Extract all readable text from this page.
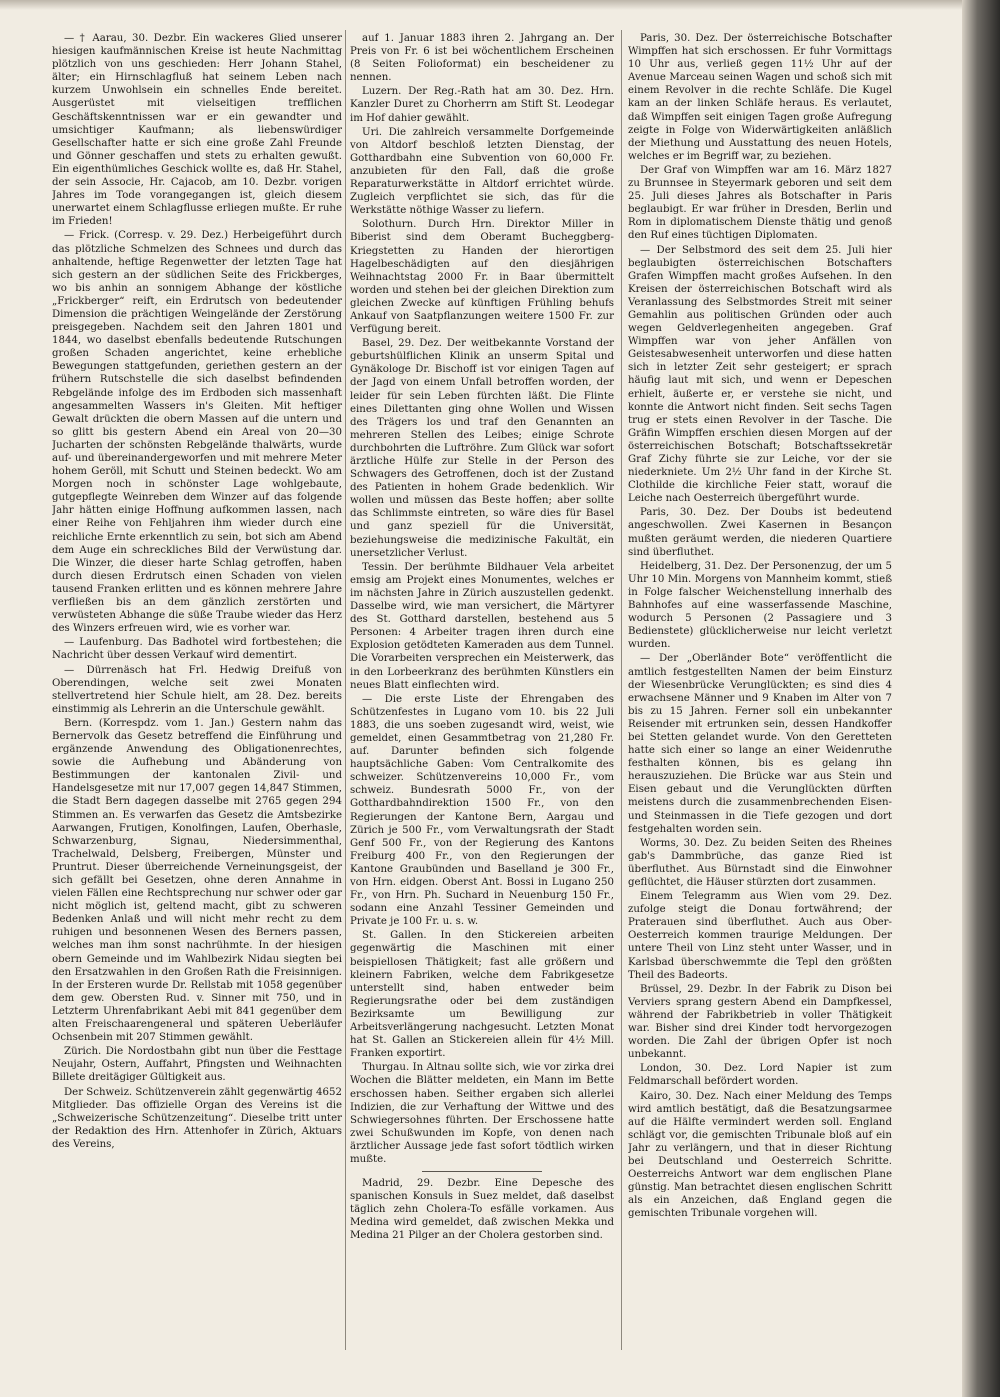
— † Aarau, 30. Dezbr. Ein wackeres Glied unserer hiesigen kaufmännischen Kreise ist heute Nachmittag plötzlich von uns geschieden: Herr Johann Stahel, älter; ein Hirnschlagfluß hat seinem Leben nach kurzem Unwohlsein ein schnelles Ende bereitet. Ausgerüstet mit vielseitigen trefflichen Geschäftskenntnissen war er ein gewandter und umsichtiger Kaufmann; als liebenswürdiger Gesellschafter hatte er sich eine große Zahl Freunde und Gönner geschaffen und stets zu erhalten gewußt. Ein eigenthümliches Geschick wollte es, daß Hr. Stahel, der sein Associe, Hr. Cajacob, am 10. Dezbr. vorigen Jahres im Tode vorangegangen ist, gleich diesem unerwartet einem Schlagflusse erliegen mußte. Er ruhe im Frieden!

— Frick. (Corresp. v. 29. Dez.) Herbeigeführt durch das plötzliche Schmelzen des Schnees und durch das anhaltende, heftige Regenwetter der letzten Tage hat sich gestern an der südlichen Seite des Frickberges, wo bis anhin an sonnigem Abhange der köstliche „Frickberger“ reift, ein Erdrutsch von bedeutender Dimension die prächtigen Weingelände der Zerstörung preisgegeben. Nachdem seit den Jahren 1801 und 1844, wo daselbst ebenfalls bedeutende Rutschungen großen Schaden angerichtet, keine erhebliche Bewegungen stattgefunden, geriethen gestern an der frühern Rutschstelle die sich daselbst befindenden Rebgelände infolge des im Erdboden sich massenhaft angesammelten Wassers in's Gleiten. Mit heftiger Gewalt drückten die obern Massen auf die untern und so glitt bis gestern Abend ein Areal von 20—30 Jucharten der schönsten Rebgelände thalwärts, wurde auf- und übereinandergeworfen und mit mehrere Meter hohem Geröll, mit Schutt und Steinen bedeckt. Wo am Morgen noch in schönster Lage wohlgebaute, gutgepflegte Weinreben dem Winzer auf das folgende Jahr hätten einige Hoffnung aufkommen lassen, nach einer Reihe von Fehljahren ihm wieder durch eine reichliche Ernte erkenntlich zu sein, bot sich am Abend dem Auge ein schreckliches Bild der Verwüstung dar. Die Winzer, die dieser harte Schlag getroffen, haben durch diesen Erdrutsch einen Schaden von vielen tausend Franken erlitten und es können mehrere Jahre verfließen bis an dem gänzlich zerstörten und verwüsteten Abhange die süße Traube wieder das Herz des Winzers erfreuen wird, wie es vorher war.

— Laufenburg. Das Badhotel wird fortbestehen; die Nachricht über dessen Verkauf wird dementirt.

— Dürrenäsch hat Frl. Hedwig Dreifuß von Oberendingen, welche seit zwei Monaten stellvertretend hier Schule hielt, am 28. Dez. bereits einstimmig als Lehrerin an die Unterschule gewählt.

Bern. (Korrespdz. vom 1. Jan.) Gestern nahm das Bernervolk das Gesetz betreffend die Einführung und ergänzende Anwendung des Obligationenrechtes, sowie die Aufhebung und Abänderung von Bestimmungen der kantonalen Zivil- und Handelsgesetze mit nur 17,007 gegen 14,847 Stimmen, die Stadt Bern dagegen dasselbe mit 2765 gegen 294 Stimmen an. Es verwarfen das Gesetz die Amtsbezirke Aarwangen, Frutigen, Konolfingen, Laufen, Oberhasle, Schwarzenburg, Signau, Niedersimmenthal, Trachelwald, Delsberg, Freibergen, Münster und Pruntrut. Dieser überreichende Verneinungsgeist, der sich gefällt bei Gesetzen, ohne deren Annahme in vielen Fällen eine Rechtsprechung nur schwer oder gar nicht möglich ist, geltend macht, gibt zu schweren Bedenken Anlaß und will nicht mehr recht zu dem ruhigen und besonnenen Wesen des Berners passen, welches man ihm sonst nachrühmte. In der hiesigen obern Gemeinde und im Wahlbezirk Nidau siegten bei den Ersatzwahlen in den Großen Rath die Freisinnigen. In der Ersteren wurde Dr. Rellstab mit 1058 gegenüber dem gew. Obersten Rud. v. Sinner mit 750, und in Letzterm Uhrenfabrikant Aebi mit 841 gegenüber dem alten Freischaarengeneral und späteren Ueberläufer Ochsenbein mit 207 Stimmen gewählt.

Zürich. Die Nordostbahn gibt nun über die Festtage Neujahr, Ostern, Auffahrt, Pfingsten und Weihnachten Billete dreitägiger Gültigkeit aus.

Der Schweiz. Schützenverein zählt gegenwärtig 4652 Mitglieder. Das offizielle Organ des Vereins ist die „Schweizerische Schützenzeitung“. Dieselbe tritt unter der Redaktion des Hrn. Attenhofer in Zürich, Aktuars des Vereins,

auf 1. Januar 1883 ihren 2. Jahrgang an. Der Preis von Fr. 6 ist bei wöchentlichem Erscheinen (8 Seiten Folioformat) ein bescheidener zu nennen.

Luzern. Der Reg.-Rath hat am 30. Dez. Hrn. Kanzler Duret zu Chorherrn am Stift St. Leodegar im Hof dahier gewählt.

Uri. Die zahlreich versammelte Dorfgemeinde von Altdorf beschloß letzten Dienstag, der Gotthardbahn eine Subvention von 60,000 Fr. anzubieten für den Fall, daß die große Reparaturwerkstätte in Altdorf errichtet würde. Zugleich verpflichtet sie sich, das für die Werkstätte nöthige Wasser zu liefern.

Solothurn. Durch Hrn. Direktor Miller in Biberist sind dem Oberamt Bucheggberg-Kriegstetten zu Handen der hierortigen Hagelbeschädigten auf den diesjährigen Weihnachtstag 2000 Fr. in Baar übermittelt worden und stehen bei der gleichen Direktion zum gleichen Zwecke auf künftigen Frühling behufs Ankauf von Saatpflanzungen weitere 1500 Fr. zur Verfügung bereit.

Basel, 29. Dez. Der weitbekannte Vorstand der geburtshülflichen Klinik an unserm Spital und Gynäkologe Dr. Bischoff ist vor einigen Tagen auf der Jagd von einem Unfall betroffen worden, der leider für sein Leben fürchten läßt. Die Flinte eines Dilettanten ging ohne Wollen und Wissen des Trägers los und traf den Genannten an mehreren Stellen des Leibes; einige Schrote durchbohrten die Luftröhre. Zum Glück war sofort ärztliche Hülfe zur Stelle in der Person des Schwagers des Getroffenen, doch ist der Zustand des Patienten in hohem Grade bedenklich. Wir wollen und müssen das Beste hoffen; aber sollte das Schlimmste eintreten, so wäre dies für Basel und ganz speziell für die Universität, beziehungsweise die medizinische Fakultät, ein unersetzlicher Verlust.

Tessin. Der berühmte Bildhauer Vela arbeitet emsig am Projekt eines Monumentes, welches er im nächsten Jahre in Zürich auszustellen gedenkt. Dasselbe wird, wie man versichert, die Märtyrer des St. Gotthard darstellen, bestehend aus 5 Personen: 4 Arbeiter tragen ihren durch eine Explosion getödteten Kameraden aus dem Tunnel. Die Vorarbeiten versprechen ein Meisterwerk, das in den Lorbeerkranz des berühmten Künstlers ein neues Blatt einflechten wird.

— Die erste Liste der Ehrengaben des Schützenfestes in Lugano vom 10. bis 22 Juli 1883, die uns soeben zugesandt wird, weist, wie gemeldet, einen Gesammtbetrag von 21,280 Fr. auf. Darunter befinden sich folgende hauptsächliche Gaben: Vom Centralkomite des schweizer. Schützenvereins 10,000 Fr., vom schweiz. Bundesrath 5000 Fr., von der Gotthardbahndirektion 1500 Fr., von den Regierungen der Kantone Bern, Aargau und Zürich je 500 Fr., vom Verwaltungsrath der Stadt Genf 500 Fr., von der Regierung des Kantons Freiburg 400 Fr., von den Regierungen der Kantone Graubünden und Baselland je 300 Fr., von Hrn. eidgen. Oberst Ant. Bossi in Lugano 250 Fr., von Hrn. Ph. Suchard in Neuenburg 150 Fr., sodann eine Anzahl Tessiner Gemeinden und Private je 100 Fr. u. s. w.

St. Gallen. In den Stickereien arbeiten gegenwärtig die Maschinen mit einer beispiellosen Thätigkeit; fast alle größern und kleinern Fabriken, welche dem Fabrikgesetze unterstellt sind, haben entweder beim Regierungsrathe oder bei dem zuständigen Bezirksamte um Bewilligung zur Arbeitsverlängerung nachgesucht. Letzten Monat hat St. Gallen an Stickereien allein für 4½ Mill. Franken exportirt.

Thurgau. In Altnau sollte sich, wie vor zirka drei Wochen die Blätter meldeten, ein Mann im Bette erschossen haben. Seither ergaben sich allerlei Indizien, die zur Verhaftung der Wittwe und des Schwiegersohnes führten. Der Erschossene hatte zwei Schußwunden im Kopfe, von denen nach ärztlicher Aussage jede fast sofort tödtlich wirken mußte.

Madrid, 29. Dezbr. Eine Depesche des spanischen Konsuls in Suez meldet, daß daselbst täglich zehn Cholera-To esfälle vorkamen. Aus Medina wird gemeldet, daß zwischen Mekka und Medina 21 Pilger an der Cholera gestorben sind.

Paris, 30. Dez. Der österreichische Botschafter Wimpffen hat sich erschossen. Er fuhr Vormittags 10 Uhr aus, verließ gegen 11½ Uhr auf der Avenue Marceau seinen Wagen und schoß sich mit einem Revolver in die rechte Schläfe. Die Kugel kam an der linken Schläfe heraus. Es verlautet, daß Wimpffen seit einigen Tagen große Aufregung zeigte in Folge von Widerwärtigkeiten anläßlich der Miethung und Ausstattung des neuen Hotels, welches er im Begriff war, zu beziehen.

Der Graf von Wimpffen war am 16. März 1827 zu Brunnsee in Steyermark geboren und seit dem 25. Juli dieses Jahres als Botschafter in Paris beglaubigt. Er war früher in Dresden, Berlin und Rom in diplomatischem Dienste thätig und genoß den Ruf eines tüchtigen Diplomaten.

— Der Selbstmord des seit dem 25. Juli hier beglaubigten österreichischen Botschafters Grafen Wimpffen macht großes Aufsehen. In den Kreisen der österreichischen Botschaft wird als Veranlassung des Selbstmordes Streit mit seiner Gemahlin aus politischen Gründen oder auch wegen Geldverlegenheiten angegeben. Graf Wimpffen war von jeher Anfällen von Geistesabwesenheit unterworfen und diese hatten sich in letzter Zeit sehr gesteigert; er sprach häufig laut mit sich, und wenn er Depeschen erhielt, äußerte er, er verstehe sie nicht, und konnte die Antwort nicht finden. Seit sechs Tagen trug er stets einen Revolver in der Tasche. Die Gräfin Wimpffen erschien diesen Morgen auf der österreichischen Botschaft; Botschaftssekretär Graf Zichy führte sie zur Leiche, vor der sie niederkniete. Um 2½ Uhr fand in der Kirche St. Clothilde die kirchliche Feier statt, worauf die Leiche nach Oesterreich übergeführt wurde.

Paris, 30. Dez. Der Doubs ist bedeutend angeschwollen. Zwei Kasernen in Besançon mußten geräumt werden, die niederen Quartiere sind überfluthet.

Heidelberg, 31. Dez. Der Personenzug, der um 5 Uhr 10 Min. Morgens von Mannheim kommt, stieß in Folge falscher Weichenstellung innerhalb des Bahnhofes auf eine wasserfassende Maschine, wodurch 5 Personen (2 Passagiere und 3 Bedienstete) glücklicherweise nur leicht verletzt wurden.

— Der „Oberländer Bote“ veröffentlicht die amtlich festgestellten Namen der beim Einsturz der Wiesenbrücke Verunglückten; es sind dies 4 erwachsene Männer und 9 Knaben im Alter von 7 bis zu 15 Jahren. Ferner soll ein unbekannter Reisender mit ertrunken sein, dessen Handkoffer bei Stetten gelandet wurde. Von den Geretteten hatte sich einer so lange an einer Weidenruthe festhalten können, bis es gelang ihn herauszuziehen. Die Brücke war aus Stein und Eisen gebaut und die Verunglückten dürften meistens durch die zusammenbrechenden Eisen- und Steinmassen in die Tiefe gezogen und dort festgehalten worden sein.

Worms, 30. Dez. Zu beiden Seiten des Rheines gab's Dammbrüche, das ganze Ried ist überfluthet. Aus Bürnstadt sind die Einwohner geflüchtet, die Häuser stürzten dort zusammen.

Einem Telegramm aus Wien vom 29. Dez. zufolge steigt die Donau fortwährend; der Praterauen sind überfluthet. Auch aus Ober-Oesterreich kommen traurige Meldungen. Der untere Theil von Linz steht unter Wasser, und in Karlsbad überschwemmte die Tepl den größten Theil des Badeorts.

Brüssel, 29. Dezbr. In der Fabrik zu Dison bei Verviers sprang gestern Abend ein Dampfkessel, während der Fabrikbetrieb in voller Thätigkeit war. Bisher sind drei Kinder todt hervorgezogen worden. Die Zahl der übrigen Opfer ist noch unbekannt.

London, 30. Dez. Lord Napier ist zum Feldmarschall befördert worden.

Kairo, 30. Dez. Nach einer Meldung des Temps wird amtlich bestätigt, daß die Besatzungsarmee auf die Hälfte vermindert werden soll. England schlägt vor, die gemischten Tribunale bloß auf ein Jahr zu verlängern, und that in dieser Richtung bei Deutschland und Oesterreich Schritte. Oesterreichs Antwort war dem englischen Plane günstig. Man betrachtet diesen englischen Schritt als ein Anzeichen, daß England gegen die gemischten Tribunale vorgehen will.
